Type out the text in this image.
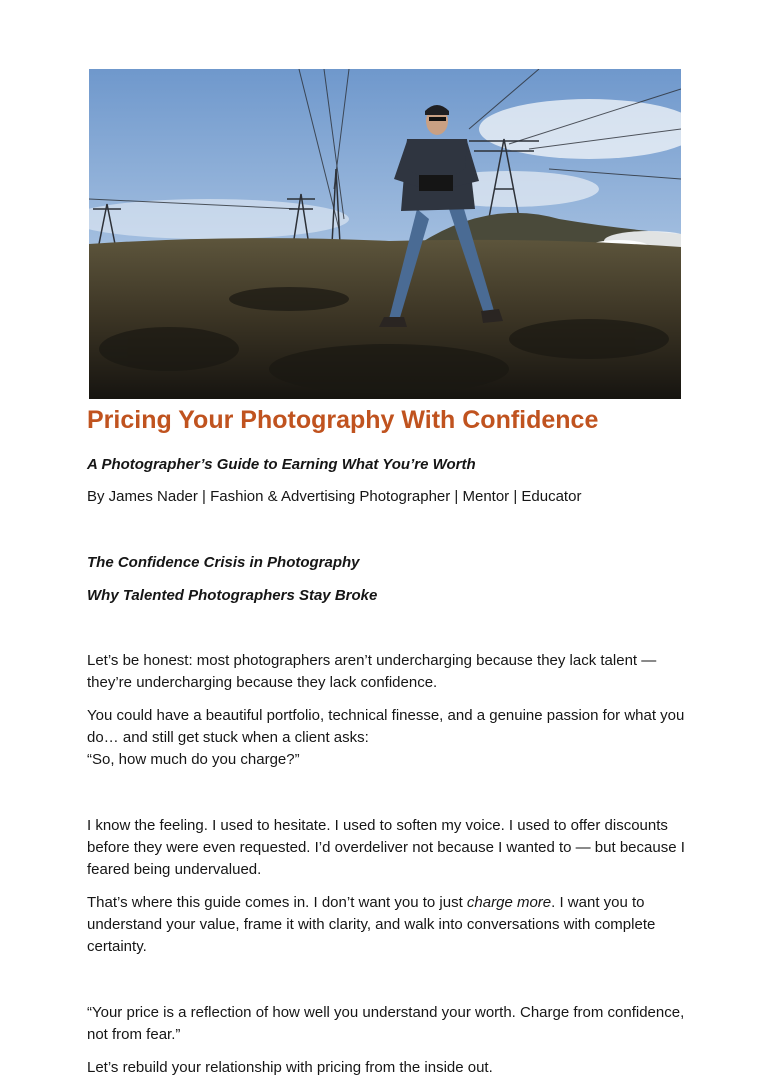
Pricing Your Photography With Confidence

A Photographer’s Guide to Earning What You’re Worth

By James Nader | Fashion & Advertising Photographer | Mentor | Educator

The Confidence Crisis in Photography

Why Talented Photographers Stay Broke

Let’s be honest: most photographers aren’t undercharging because they lack talent — they’re undercharging because they lack confidence.

You could have a beautiful portfolio, technical finesse, and a genuine passion for what you do… and still get stuck when a client asks:
“So, how much do you charge?”

I know the feeling. I used to hesitate. I used to soften my voice. I used to offer discounts before they were even requested. I’d overdeliver not because I wanted to — but because I feared being undervalued.

That’s where this guide comes in. I don’t want you to just charge more. I want you to understand your value, frame it with clarity, and walk into conversations with complete certainty.

“Your price is a reflection of how well you understand your worth. Charge from confidence, not from fear.”

Let’s rebuild your relationship with pricing from the inside out.
